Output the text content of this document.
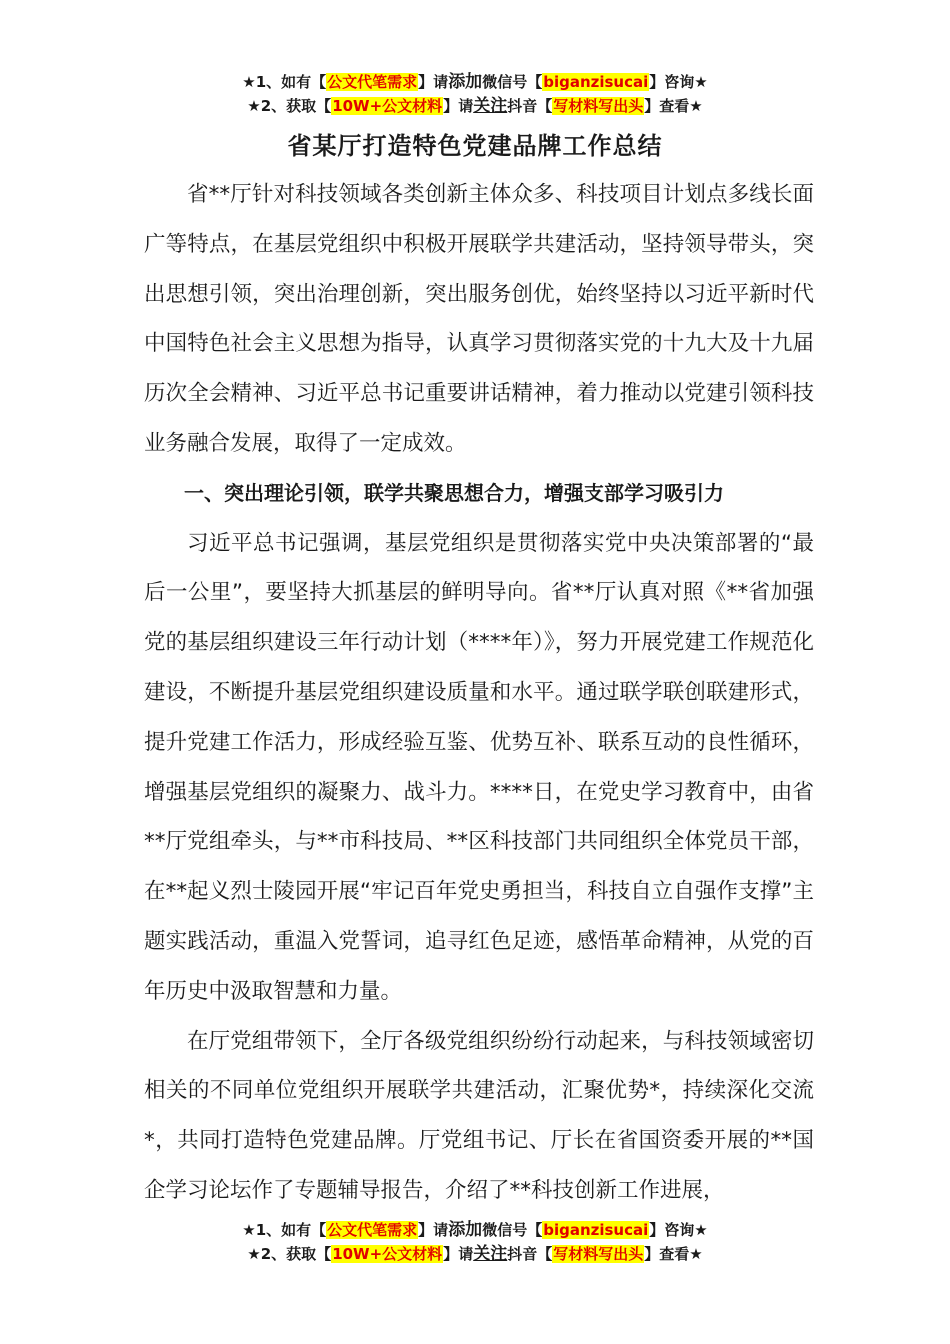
★1、如有【公文代笔需求】请添加微信号【biganzisucai】咨询★
★2、获取【10W+公文材料】请关注抖音【写材料写出头】查看★
省某厅打造特色党建品牌工作总结

省**厅针对科技领域各类创新主体众多、科技项目计划点多线长面广等特点，在基层党组织中积极开展联学共建活动，坚持领导带头，突出思想引领，突出治理创新，突出服务创优，始终坚持以习近平新时代中国特色社会主义思想为指导，认真学习贯彻落实党的十九大及十九届历次全会精神、习近平总书记重要讲话精神，着力推动以党建引领科技业务融合发展，取得了一定成效。

一、突出理论引领，联学共聚思想合力，增强支部学习吸引力

习近平总书记强调，基层党组织是贯彻落实党中央决策部署的“最后一公里”，要坚持大抓基层的鲜明导向。省**厅认真对照《**省加强党的基层组织建设三年行动计划（****年）》，努力开展党建工作规范化建设，不断提升基层党组织建设质量和水平。通过联学联创联建形式，提升党建工作活力，形成经验互鉴、优势互补、联系互动的良性循环，增强基层党组织的凝聚力、战斗力。****日，在党史学习教育中，由省**厅党组牵头，与**市科技局、**区科技部门共同组织全体党员干部，在**起义烈士陵园开展“牢记百年党史勇担当，科技自立自强作支撑”主题实践活动，重温入党誓词，追寻红色足迹，感悟革命精神，从党的百年历史中汲取智慧和力量。

在厅党组带领下，全厅各级党组织纷纷行动起来，与科技领域密切相关的不同单位党组织开展联学共建活动，汇聚优势*，持续深化交流*，共同打造特色党建品牌。厅党组书记、厅长在省国资委开展的**国企学习论坛作了专题辅导报告，介绍了**科技创新工作进展，

★1、如有【公文代笔需求】请添加微信号【biganzisucai】咨询★
★2、获取【10W+公文材料】请关注抖音【写材料写出头】查看★
